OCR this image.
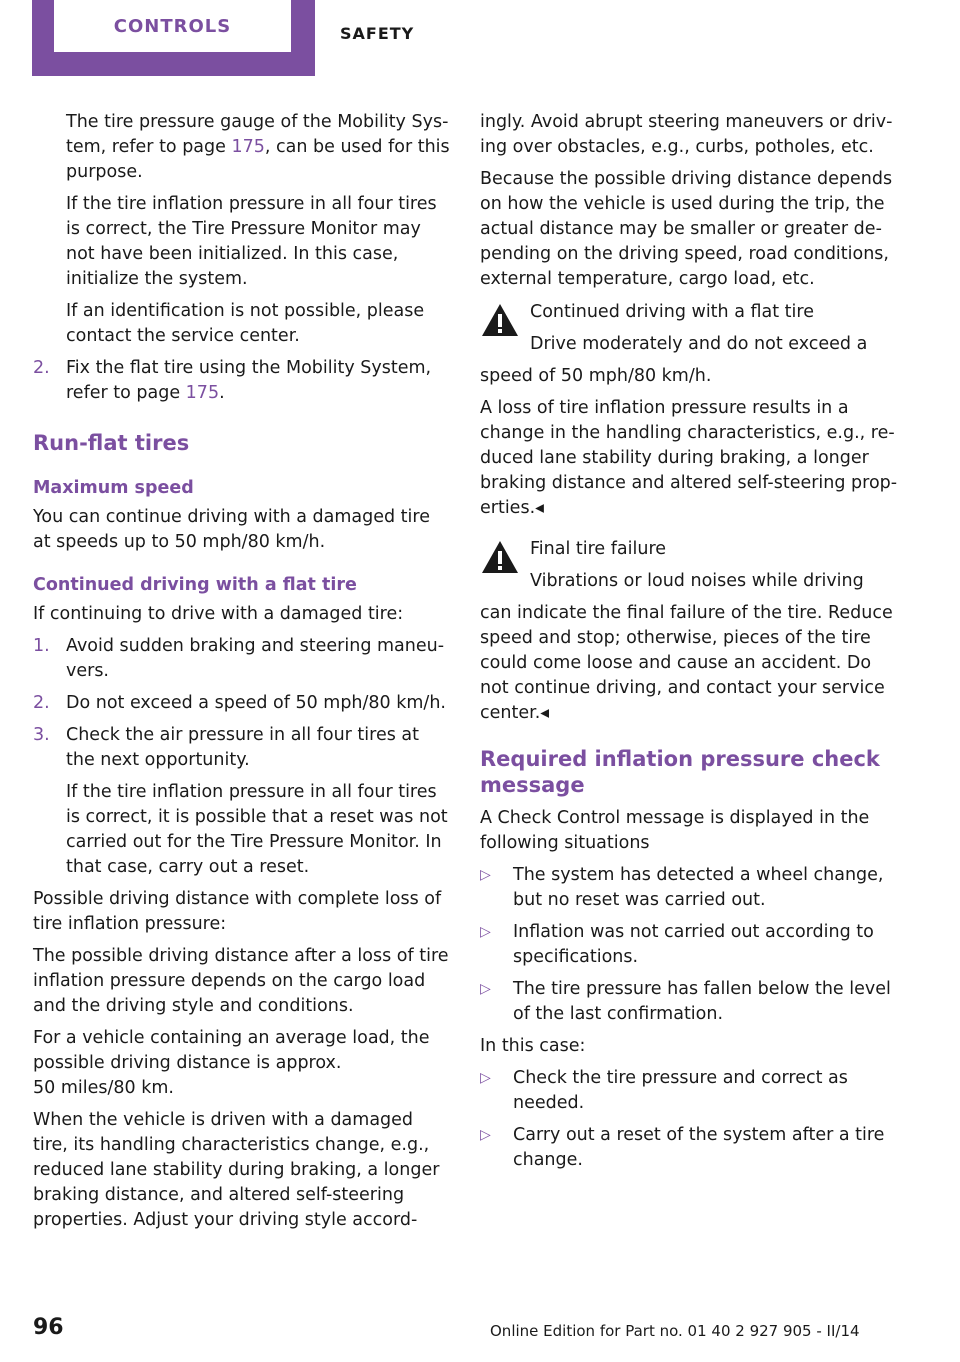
CONTROLS	SAFETY

The tire pressure gauge of the Mobility System, refer to page 175, can be used for this purpose.

If the tire inflation pressure in all four tires is correct, the Tire Pressure Monitor may not have been initialized. In this case, initialize the system.

If an identification is not possible, please contact the service center.

2. Fix the flat tire using the Mobility System, refer to page 175.
Run-flat tires
Maximum speed

You can continue driving with a damaged tire at speeds up to 50 mph/80 km/h.

Continued driving with a flat tire

If continuing to drive with a damaged tire:

1. Avoid sudden braking and steering maneuvers.
2. Do not exceed a speed of 50 mph/80 km/h.
3. Check the air pressure in all four tires at the next opportunity.

If the tire inflation pressure in all four tires is correct, it is possible that a reset was not carried out for the Tire Pressure Monitor. In that case, carry out a reset.

Possible driving distance with complete loss of tire inflation pressure:

The possible driving distance after a loss of tire inflation pressure depends on the cargo load and the driving style and conditions.

For a vehicle containing an average load, the possible driving distance is approx.
50 miles/80 km.

When the vehicle is driven with a damaged tire, its handling characteristics change, e.g., reduced lane stability during braking, a longer braking distance, and altered self-steering properties. Adjust your driving style accord-

ingly. Avoid abrupt steering maneuvers or driving over obstacles, e.g., curbs, potholes, etc.

Because the possible driving distance depends on how the vehicle is used during the trip, the actual distance may be smaller or greater depending on the driving speed, road conditions, external temperature, cargo load, etc.

Continued driving with a flat tire

Drive moderately and do not exceed a

speed of 50 mph/80 km/h.

A loss of tire inflation pressure results in a change in the handling characteristics, e.g., reduced lane stability during braking, a longer braking distance and altered self-steering properties.◂

Final tire failure

Vibrations or loud noises while driving

can indicate the final failure of the tire. Reduce speed and stop; otherwise, pieces of the tire could come loose and cause an accident. Do not continue driving, and contact your service center.◂

Required inflation pressure check message

A Check Control message is displayed in the following situations

▷	The system has detected a wheel change, but no reset was carried out.
▷	Inflation was not carried out according to specifications.
▷	The tire pressure has fallen below the level of the last confirmation.

In this case:

▷	Check the tire pressure and correct as needed.
▷	Carry out a reset of the system after a tire change.
96	Online Edition for Part no. 01 40 2 927 905 - II/14
